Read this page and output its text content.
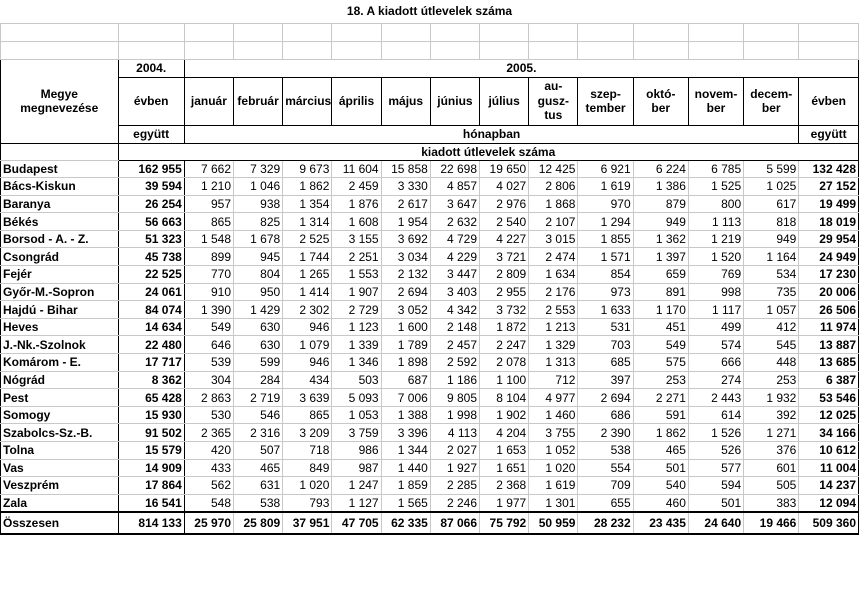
18. A kiadott útlevelek száma														

Megye
megnevezése	2004.	2005.												
	évben	január	február	március	április	május	június	július	au- gusz- tus	szep- tember	októ- ber	novem- ber	decem- ber	évben
	együtt	hónapban												együtt
	kiadott útlevelek száma													
Budapest	162 955	7 662	7 329	9 673	11 604	15 858	22 698	19 650	12 425	6 921	6 224	6 785	5 599	132 428
Bács-Kiskun	39 594	1 210	1 046	1 862	2 459	3 330	4 857	4 027	2 806	1 619	1 386	1 525	1 025	27 152
Baranya	26 254	957	938	1 354	1 876	2 617	3 647	2 976	1 868	970	879	800	617	19 499
Békés	56 663	865	825	1 314	1 608	1 954	2 632	2 540	2 107	1 294	949	1 113	818	18 019
Borsod - A. - Z.	51 323	1 548	1 678	2 525	3 155	3 692	4 729	4 227	3 015	1 855	1 362	1 219	949	29 954
Csongrád	45 738	899	945	1 744	2 251	3 034	4 229	3 721	2 474	1 571	1 397	1 520	1 164	24 949
Fejér	22 525	770	804	1 265	1 553	2 132	3 447	2 809	1 634	854	659	769	534	17 230
Győr-M.-Sopron	24 061	910	950	1 414	1 907	2 694	3 403	2 955	2 176	973	891	998	735	20 006
Hajdú - Bihar	84 074	1 390	1 429	2 302	2 729	3 052	4 342	3 732	2 553	1 633	1 170	1 117	1 057	26 506
Heves	14 634	549	630	946	1 123	1 600	2 148	1 872	1 213	531	451	499	412	11 974
J.-Nk.-Szolnok	22 480	646	630	1 079	1 339	1 789	2 457	2 247	1 329	703	549	574	545	13 887
Komárom - E.	17 717	539	599	946	1 346	1 898	2 592	2 078	1 313	685	575	666	448	13 685
Nógrád	8 362	304	284	434	503	687	1 186	1 100	712	397	253	274	253	6 387
Pest	65 428	2 863	2 719	3 639	5 093	7 006	9 805	8 104	4 977	2 694	2 271	2 443	1 932	53 546
Somogy	15 930	530	546	865	1 053	1 388	1 998	1 902	1 460	686	591	614	392	12 025
Szabolcs-Sz.-B.	91 502	2 365	2 316	3 209	3 759	3 396	4 113	4 204	3 755	2 390	1 862	1 526	1 271	34 166
Tolna	15 579	420	507	718	986	1 344	2 027	1 653	1 052	538	465	526	376	10 612
Vas	14 909	433	465	849	987	1 440	1 927	1 651	1 020	554	501	577	601	11 004
Veszprém	17 864	562	631	1 020	1 247	1 859	2 285	2 368	1 619	709	540	594	505	14 237
Zala	16 541	548	538	793	1 127	1 565	2 246	1 977	1 301	655	460	501	383	12 094
Összesen	814 133	25 970	25 809	37 951	47 705	62 335	87 066	75 792	50 959	28 232	23 435	24 640	19 466	509 360
